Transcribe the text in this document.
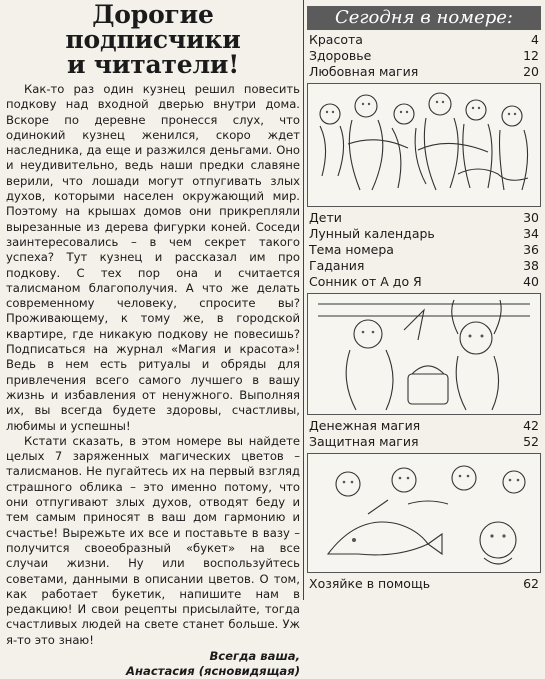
Дорогие подписчики
и читатели!

Как-то раз один кузнец решил повесить подкову над входной дверью внутри дома. Вскоре по деревне пронесся слух, что одинокий кузнец женился, скоро ждет наследника, да еще и разжился деньгами. Оно и неудивительно, ведь наши предки славяне верили, что лошади могут отпугивать злых духов, которыми населен окружающий мир. Поэтому на крышах домов они прикрепляли вырезанные из дерева фигурки коней. Соседи заинтересовались – в чем секрет такого успеха? Тут кузнец и рассказал им про подкову. С тех пор она и считается талисманом благополучия. А что же делать современному человеку, спросите вы? Проживающему, к тому же, в городской квартире, где никакую подкову не повесишь? Подписаться на журнал «Магия и красота»! Ведь в нем есть ритуалы и обряды для привлечения всего самого лучшего в вашу жизнь и избавления от ненужного. Выполняя их, вы всегда будете здоровы, счастливы, любимы и успешны!

Кстати сказать, в этом номере вы найдете целых 7 заряженных магических цветов – талисманов. Не пугайтесь их на первый взгляд страшного облика – это именно потому, что они отпугивают злых духов, отводят беду и тем самым приносят в ваш дом гармонию и счастье! Вырежьте их все и поставьте в вазу – получится своеобразный «букет» на все случаи жизни. Ну или воспользуйтесь советами, данными в описании цветов. О том, как работает букетик, напишите нам в редакцию! И свои рецепты присылайте, тогда счастливых людей на свете станет больше. Уж я-то это знаю!

Всегда ваша,
Анастасия (ясновидящая)
Сегодня в номере:
Красота	4
Здоровье	12
Любовная магия	20
Дети	30
Лунный календарь	34
Тема номера	36
Гадания	38
Сонник от А до Я	40
Денежная магия	42
Защитная магия	52
Хозяйке в помощь	62
